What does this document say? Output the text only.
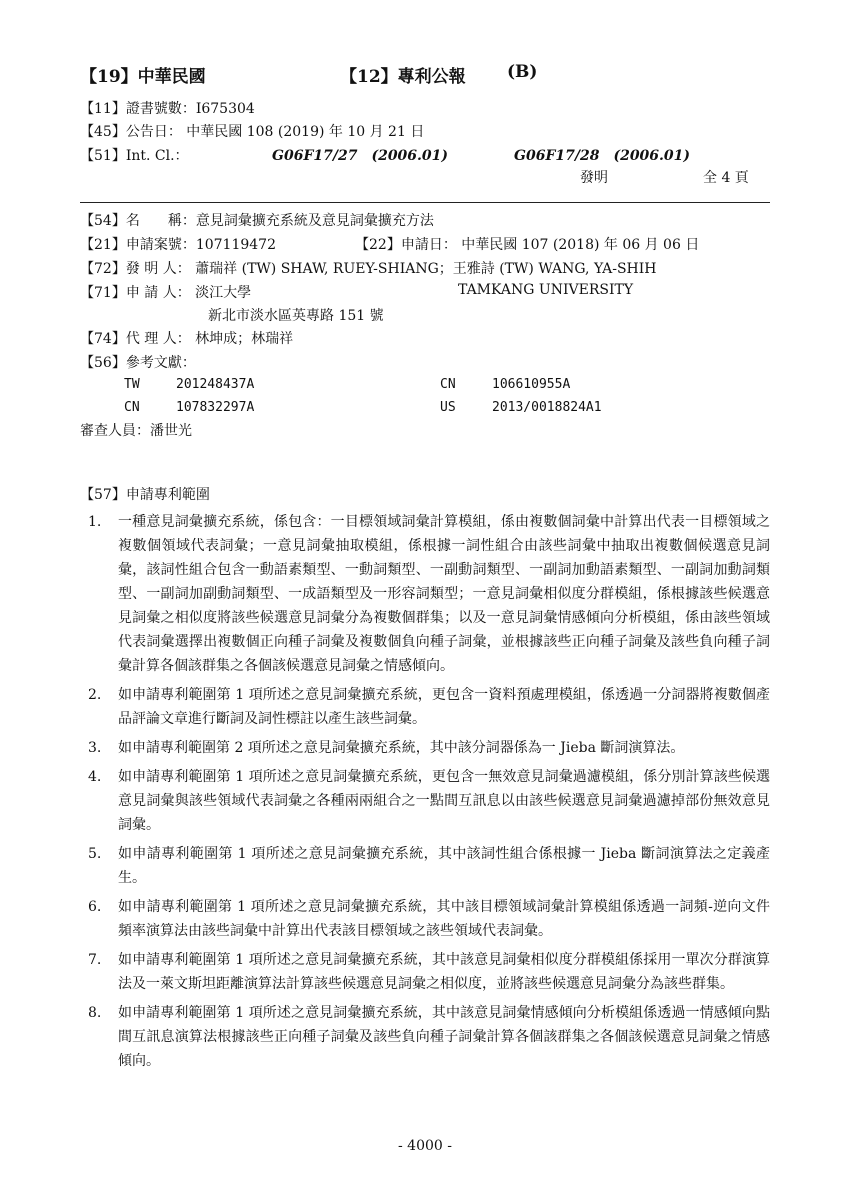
【19】中華民國	【12】專利公報 (B)
【11】證書號數：I675304
【45】公告日： 中華民國 108 (2019) 年 10 月 21 日
【51】Int. Cl.：	G06F17/27　(2006.01)	G06F17/28　(2006.01)
發明	全 4 頁
【54】名　　稱：意見詞彙擴充系統及意見詞彙擴充方法
【21】申請案號：107119472	【22】申請日： 中華民國 107 (2018) 年 06 月 06 日
【72】發 明 人： 蕭瑞祥 (TW) SHAW, RUEY-SHIANG；王雅詩 (TW) WANG, YA-SHIH
【71】申 請 人： 淡江大學	TAMKANG UNIVERSITY
新北市淡水區英專路 151 號
【74】代 理 人： 林坤成；林瑞祥
【56】參考文獻：
TW	201248437A	CN	106610955A
CN	107832297A	US	2013/0018824A1
審查人員：潘世光
【57】申請專利範圍
1.	一種意見詞彙擴充系統，係包含：一目標領域詞彙計算模組，係由複數個詞彙中計算出代表一目標領域之複數個領域代表詞彙；一意見詞彙抽取模組，係根據一詞性組合由該些詞彙中抽取出複數個候選意見詞彙，該詞性組合包含一動語素類型、一動詞類型、一副動詞類型、一副詞加動語素類型、一副詞加動詞類型、一副詞加副動詞類型、一成語類型及一形容詞類型；一意見詞彙相似度分群模組，係根據該些候選意見詞彙之相似度將該些候選意見詞彙分為複數個群集；以及一意見詞彙情感傾向分析模組，係由該些領域代表詞彙選擇出複數個正向種子詞彙及複數個負向種子詞彙，並根據該些正向種子詞彙及該些負向種子詞彙計算各個該群集之各個該候選意見詞彙之情感傾向。
2.	如申請專利範圍第 1 項所述之意見詞彙擴充系統，更包含一資料預處理模組，係透過一分詞器將複數個產品評論文章進行斷詞及詞性標註以產生該些詞彙。
3.	如申請專利範圍第 2 項所述之意見詞彙擴充系統，其中該分詞器係為一 Jieba 斷詞演算法。
4.	如申請專利範圍第 1 項所述之意見詞彙擴充系統，更包含一無效意見詞彙過濾模組，係分別計算該些候選意見詞彙與該些領域代表詞彙之各種兩兩組合之一點間互訊息以由該些候選意見詞彙過濾掉部份無效意見詞彙。
5.	如申請專利範圍第 1 項所述之意見詞彙擴充系統，其中該詞性組合係根據一 Jieba 斷詞演算法之定義產生。
6.	如申請專利範圍第 1 項所述之意見詞彙擴充系統，其中該目標領域詞彙計算模組係透過一詞頻-逆向文件頻率演算法由該些詞彙中計算出代表該目標領域之該些領域代表詞彙。
7.	如申請專利範圍第 1 項所述之意見詞彙擴充系統，其中該意見詞彙相似度分群模組係採用一單次分群演算法及一萊文斯坦距離演算法計算該些候選意見詞彙之相似度，並將該些候選意見詞彙分為該些群集。
8.	如申請專利範圍第 1 項所述之意見詞彙擴充系統，其中該意見詞彙情感傾向分析模組係透過一情感傾向點間互訊息演算法根據該些正向種子詞彙及該些負向種子詞彙計算各個該群集之各個該候選意見詞彙之情感傾向。
- 4000 -
